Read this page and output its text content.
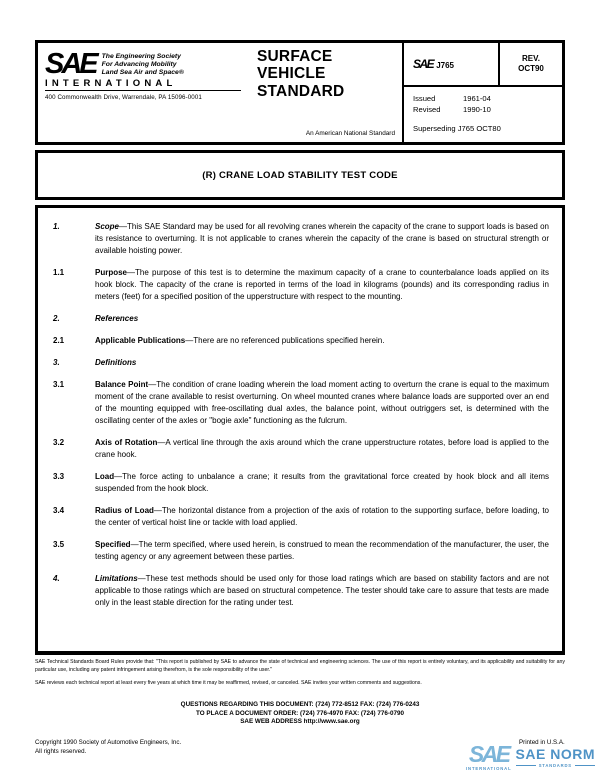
SAE The Engineering Society
For Advancing Mobility
Land Sea Air and Space®
INTERNATIONAL
400 Commonwealth Drive, Warrendale, PA 15096-0001
SURFACE
VEHICLE
STANDARD
An American National Standard
SAE J765
REV.
OCT90
Issued	1961-04
Revised	1990-10
Superseding J765 OCT80
(R) CRANE LOAD STABILITY TEST CODE
1.	Scope—This SAE Standard may be used for all revolving cranes wherein the capacity of the crane to support loads is based on its resistance to overturning. It is not applicable to cranes wherein the capacity of the crane is based on structural strength or available hoisting power.
1.1	Purpose—The purpose of this test is to determine the maximum capacity of a crane to counterbalance loads applied on its hook block. The capacity of the crane is reported in terms of the load in kilograms (pounds) and its corresponding radius in meters (feet) for a specified position of the upperstructure with respect to the mounting.
2.	References
2.1	Applicable Publications—There are no referenced publications specified herein.
3.	Definitions
3.1	Balance Point—The condition of crane loading wherein the load moment acting to overturn the crane is equal to the maximum moment of the crane available to resist overturning. On wheel mounted cranes where balance loads are supported over an end of the mounting equipped with free-oscillating dual axles, the balance point, without outriggers set, is determined with the oscillating center of the axles or "bogie axle" functioning as the fulcrum.
3.2	Axis of Rotation—A vertical line through the axis around which the crane upperstructure rotates, before load is applied to the crane hook.
3.3	Load—The force acting to unbalance a crane; it results from the gravitational force created by hook block and all items suspended from the hook block.
3.4	Radius of Load—The horizontal distance from a projection of the axis of rotation to the supporting surface, before loading, to the center of vertical hoist line or tackle with load applied.
3.5	Specified—The term specified, where used herein, is construed to mean the recommendation of the manufacturer, the user, the testing agency or any agreement between these parties.
4.	Limitations—These test methods should be used only for those load ratings which are based on stability factors and are not applicable to those ratings which are based on structural competence. The tester should take care to assure that tests are made only in the least stable direction for the rating under test.

SAE Technical Standards Board Rules provide that: "This report is published by SAE to advance the state of technical and engineering sciences. The use of this report is entirely voluntary, and its applicability and suitability for any particular use, including any patent infringement arising therefrom, is the sole responsibility of the user."

SAE reviews each technical report at least every five years at which time it may be reaffirmed, revised, or canceled. SAE invites your written comments and suggestions.

QUESTIONS REGARDING THIS DOCUMENT: (724) 772-8512 FAX: (724) 776-0243
TO PLACE A DOCUMENT ORDER: (724) 776-4970 FAX: (724) 776-0790
SAE WEB ADDRESS http://www.sae.org
Copyright 1990 Society of Automotive Engineers, Inc.
All rights reserved.
Printed in U.S.A.
SAE
INTERNATIONAL
SAE NORM
STANDARDS
